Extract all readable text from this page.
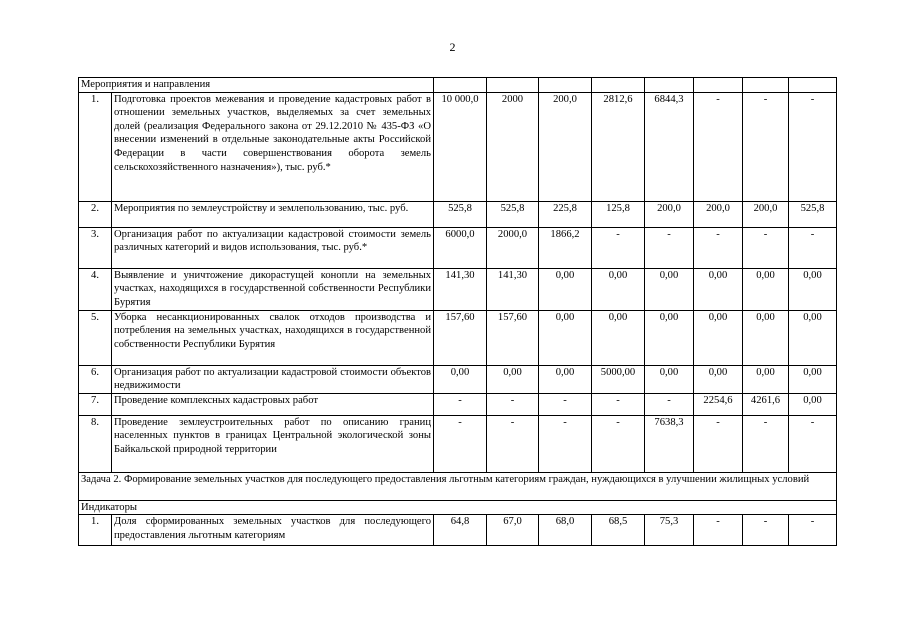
2
Мероприятия и направления									
1.	Подготовка проектов межевания и проведение кадастровых работ в отношении земельных участков, выделяемых за счет земельных долей (реализация Федерального закона от 29.12.2010 № 435-ФЗ «О внесении изменений в отдельные законодательные акты Российской Федерации в части совершенствования оборота земель сельскохозяйственного назначения»), тыс. руб.*	10 000,0	2000	200,0	2812,6	6844,3	-	-	-
2.	Мероприятия по землеустройству и землепользованию, тыс. руб.	525,8	525,8	225,8	125,8	200,0	200,0	200,0	525,8
3.	Организация работ по актуализации кадастровой стоимости земель различных категорий и видов использования, тыс. руб.*	6000,0	2000,0	1866,2	-	-	-	-	-
4.	Выявление и уничтожение дикорастущей конопли на земельных участках, находящихся в государственной собственности Республики Бурятия	141,30	141,30	0,00	0,00	0,00	0,00	0,00	0,00
5.	Уборка несанкционированных свалок отходов производства и потребления на земельных участках, находящихся в государственной собственности Республики Бурятия	157,60	157,60	0,00	0,00	0,00	0,00	0,00	0,00
6.	Организация работ по актуализации кадастровой стоимости объектов недвижимости	0,00	0,00	0,00	5000,00	0,00	0,00	0,00	0,00
7.	Проведение комплексных кадастровых работ	-	-	-	-	-	2254,6	4261,6	0,00
8.	Проведение землеустроительных работ по описанию границ населенных пунктов в границах Центральной экологической зоны Байкальской природной территории	-	-	-	-	7638,3	-	-	-
Задача 2. Формирование земельных участков для последующего предоставления льготным категориям граждан, нуждающихся в улучшении жилищных условий									
Индикаторы									
1.	Доля сформированных земельных участков для последующего предоставления льготным категориям	64,8	67,0	68,0	68,5	75,3	-	-	-
